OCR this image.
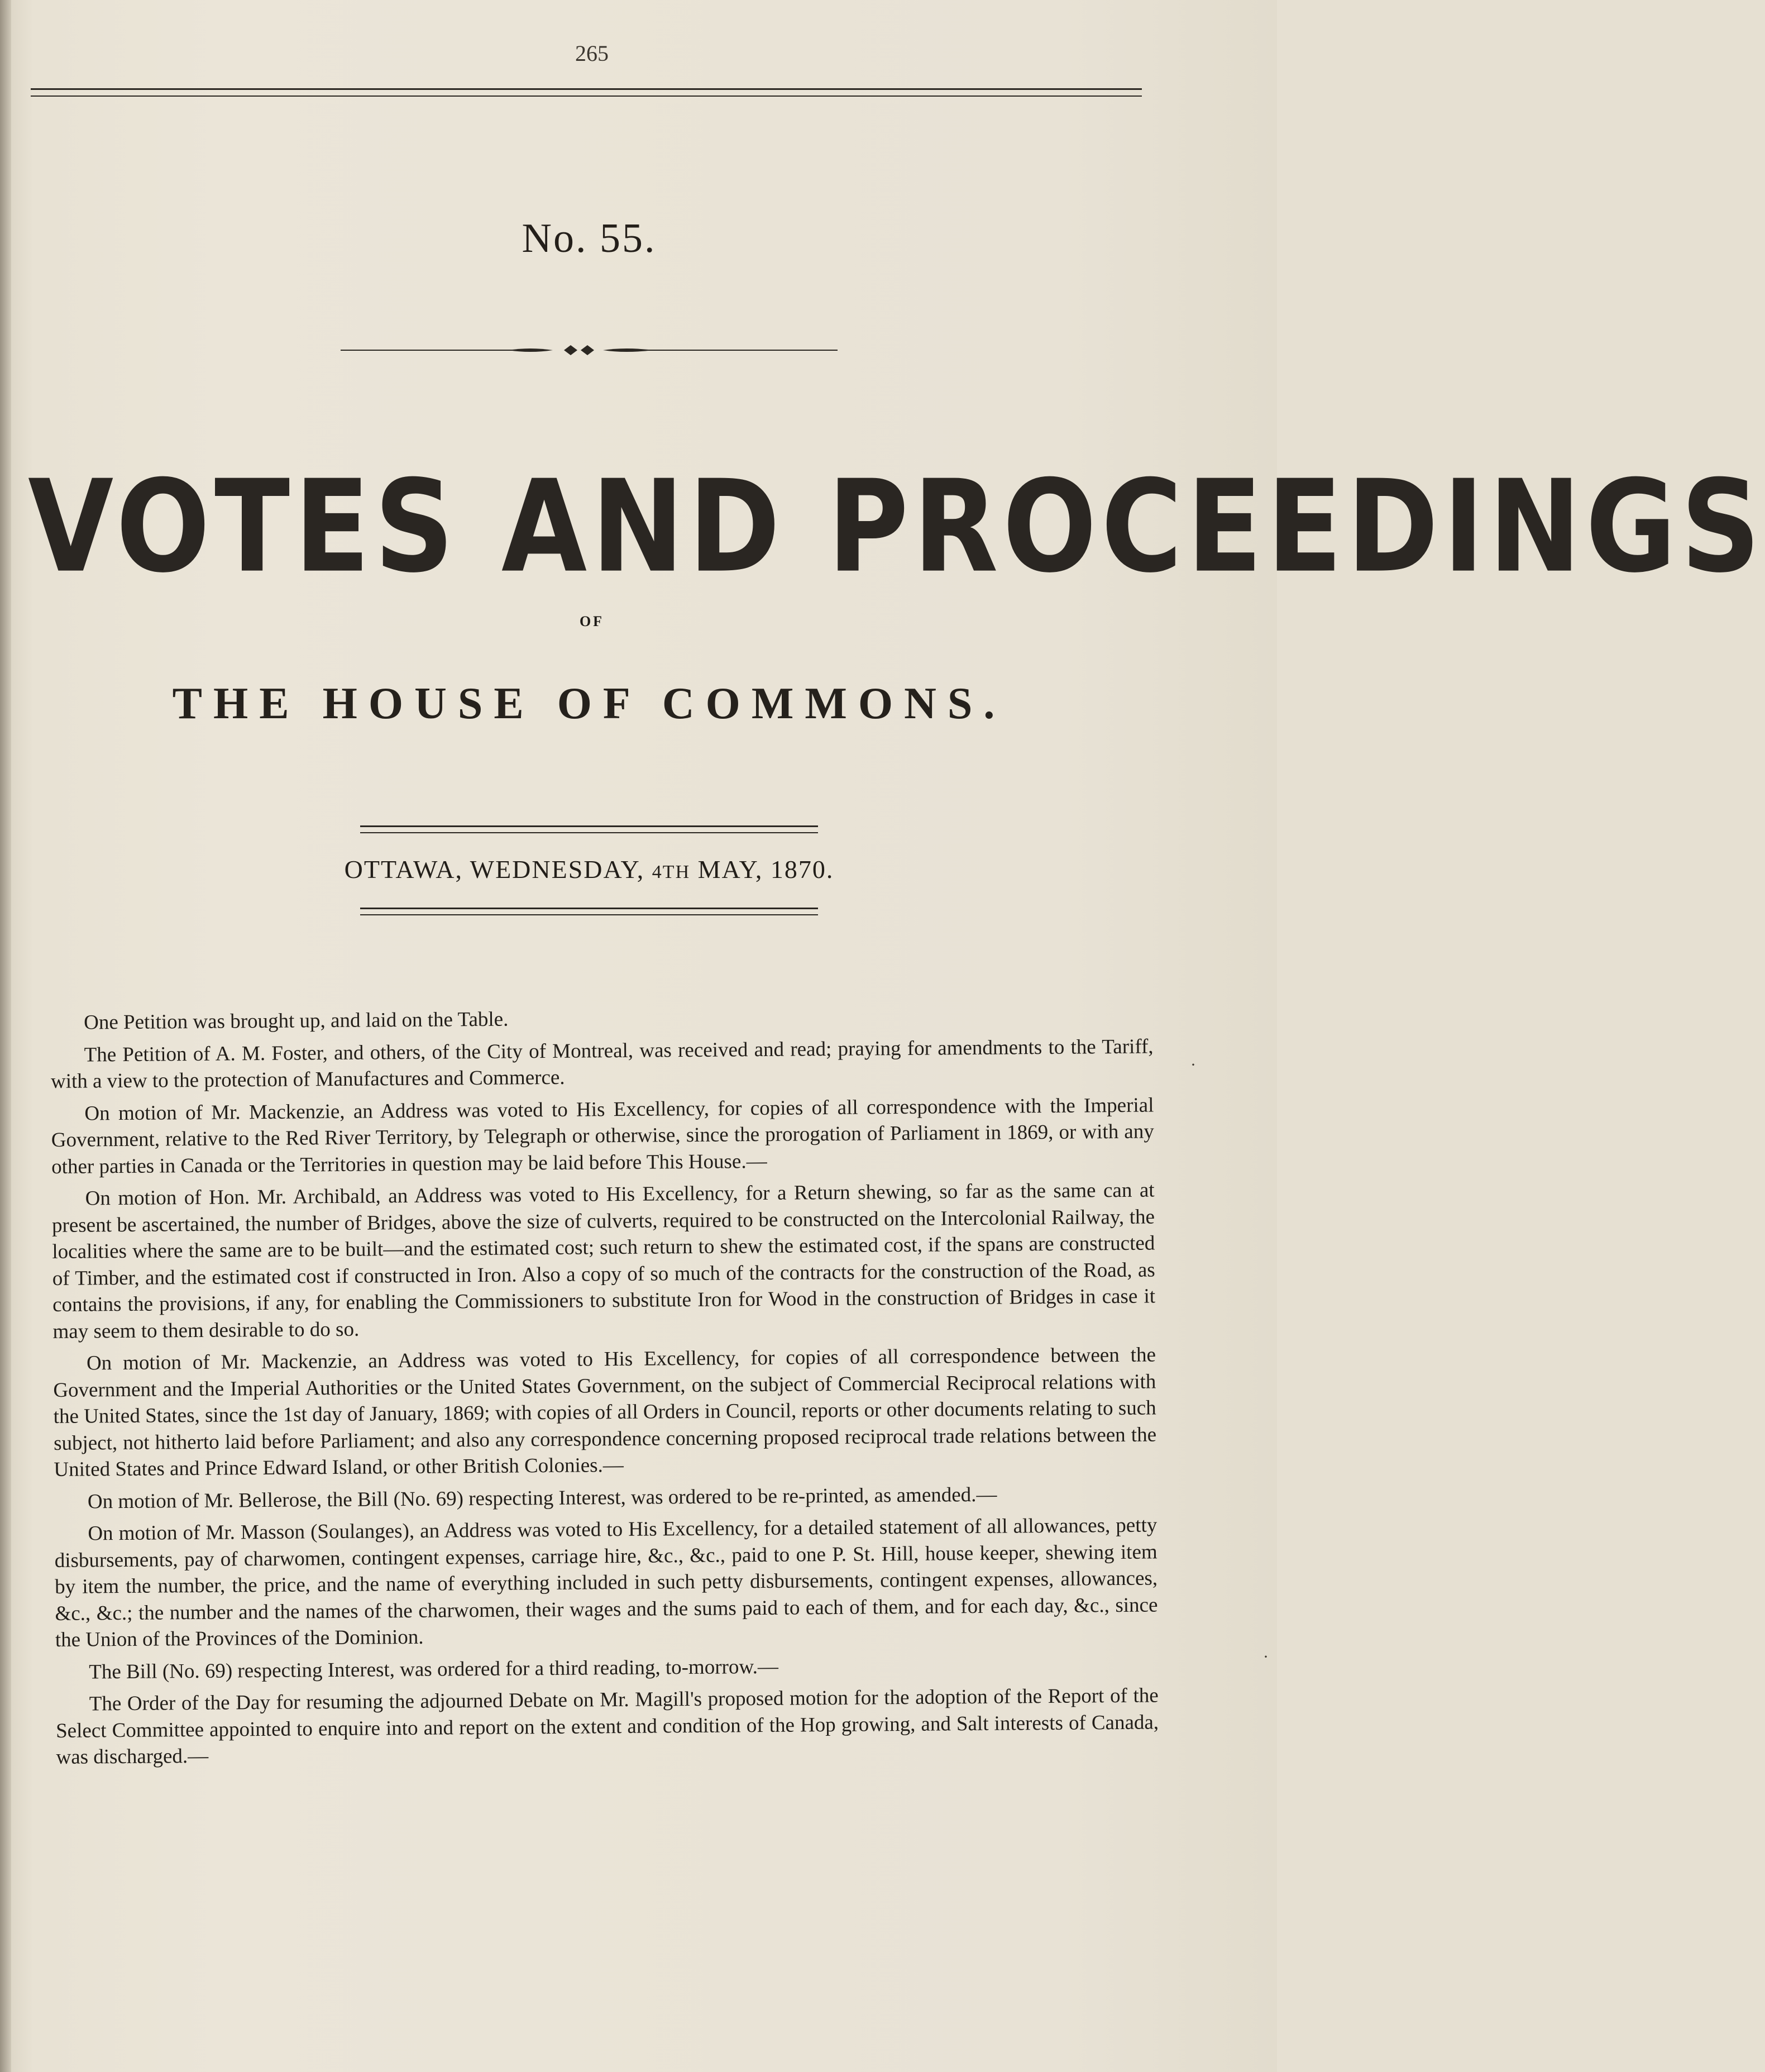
265
No. 55.
VOTES AND PROCEEDINGS
OF
THE HOUSE OF COMMONS.
OTTAWA, WEDNESDAY, 4TH MAY, 1870.

One Petition was brought up, and laid on the Table.

The Petition of A. M. Foster, and others, of the City of Montreal, was received and read; praying for amendments to the Tariff, with a view to the protection of Manufactures and Commerce.

On motion of Mr. Mackenzie, an Address was voted to His Excellency, for copies of all correspondence with the Imperial Government, relative to the Red River Territory, by Telegraph or otherwise, since the prorogation of Parliament in 1869, or with any other parties in Canada or the Territories in question may be laid before This House.—

On motion of Hon. Mr. Archibald, an Address was voted to His Excellency, for a Return shewing, so far as the same can at present be ascertained, the number of Bridges, above the size of culverts, required to be constructed on the Intercolonial Railway, the localities where the same are to be built—and the estimated cost; such return to shew the estimated cost, if the spans are constructed of Timber, and the estimated cost if constructed in Iron. Also a copy of so much of the contracts for the construction of the Road, as contains the provisions, if any, for enabling the Commissioners to substitute Iron for Wood in the construction of Bridges in case it may seem to them desirable to do so.

On motion of Mr. Mackenzie, an Address was voted to His Excellency, for copies of all correspondence between the Government and the Imperial Authorities or the United States Government, on the subject of Commercial Reciprocal relations with the United States, since the 1st day of January, 1869; with copies of all Orders in Council, reports or other documents relating to such subject, not hitherto laid before Parliament; and also any correspondence concerning proposed reciprocal trade relations between the United States and Prince Edward Island, or other British Colonies.—

On motion of Mr. Bellerose, the Bill (No. 69) respecting Interest, was ordered to be re-printed, as amended.—

On motion of Mr. Masson (Soulanges), an Address was voted to His Excellency, for a detailed statement of all allowances, petty disbursements, pay of charwomen, contingent expenses, carriage hire, &c., &c., paid to one P. St. Hill, house keeper, shewing item by item the number, the price, and the name of everything included in such petty disbursements, contingent expenses, allowances, &c., &c.; the number and the names of the charwomen, their wages and the sums paid to each of them, and for each day, &c., since the Union of the Provinces of the Dominion.

The Bill (No. 69) respecting Interest, was ordered for a third reading, to-morrow.—

The Order of the Day for resuming the adjourned Debate on Mr. Magill's proposed motion for the adoption of the Report of the Select Committee appointed to enquire into and report on the extent and condition of the Hop growing, and Salt interests of Canada, was discharged.—

·
·
